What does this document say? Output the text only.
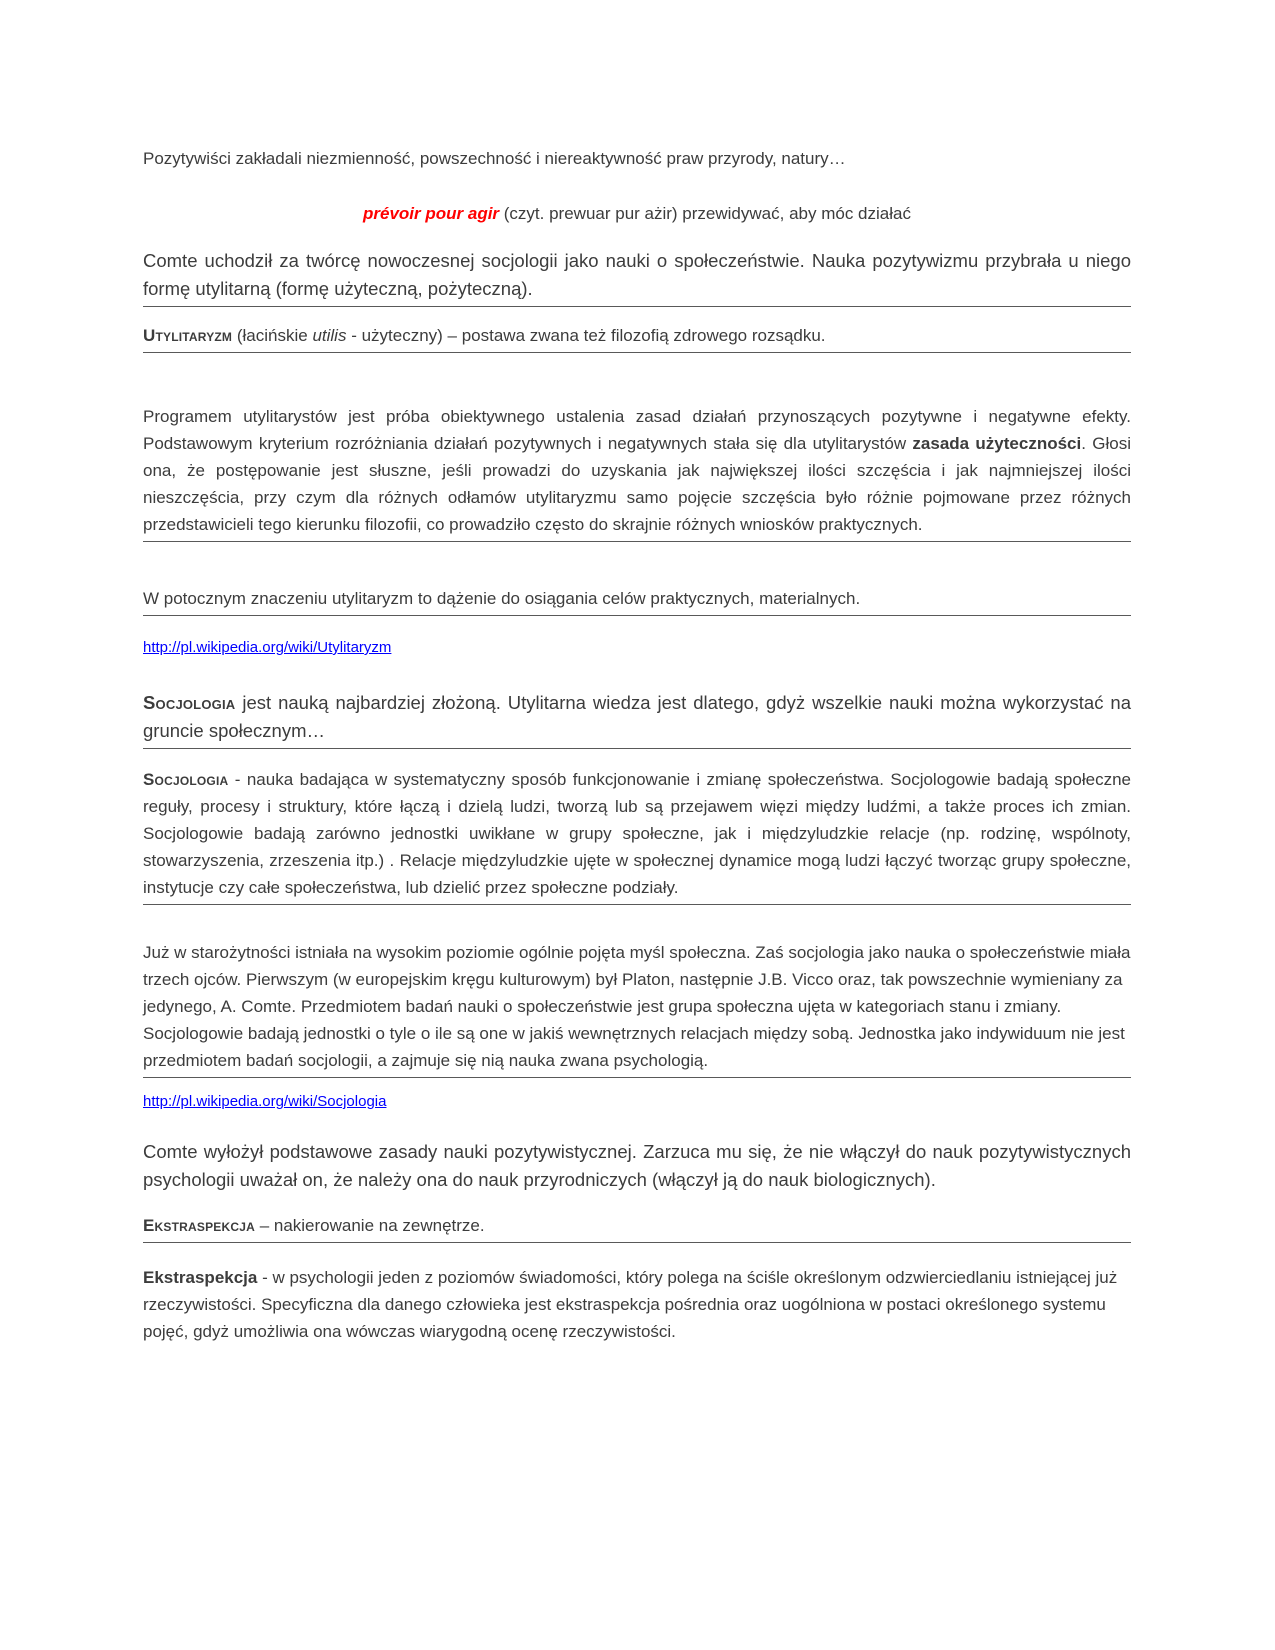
Pozytywiści zakładali niezmienność, powszechność i niereaktywność praw przyrody, natury…

prévoir pour agir (czyt. prewuar pur ażir) przewidywać, aby móc działać

Comte uchodził za twórcę nowoczesnej socjologii jako nauki o społeczeństwie. Nauka pozytywizmu przybrała u niego formę utylitarną (formę użyteczną, pożyteczną).

Utylitaryzm (łacińskie utilis - użyteczny) – postawa zwana też filozofią zdrowego rozsądku.

Programem utylitarystów jest próba obiektywnego ustalenia zasad działań przynoszących pozytywne i negatywne efekty. Podstawowym kryterium rozróżniania działań pozytywnych i negatywnych stała się dla utylitarystów zasada użyteczności. Głosi ona, że postępowanie jest słuszne, jeśli prowadzi do uzyskania jak największej ilości szczęścia i jak najmniejszej ilości nieszczęścia, przy czym dla różnych odłamów utylitaryzmu samo pojęcie szczęścia było różnie pojmowane przez różnych przedstawicieli tego kierunku filozofii, co prowadziło często do skrajnie różnych wniosków praktycznych.

W potocznym znaczeniu utylitaryzm to dążenie do osiągania celów praktycznych, materialnych.

http://pl.wikipedia.org/wiki/Utylitaryzm

Socjologia jest nauką najbardziej złożoną. Utylitarna wiedza jest dlatego, gdyż wszelkie nauki można wykorzystać na gruncie społecznym…

Socjologia - nauka badająca w systematyczny sposób funkcjonowanie i zmianę społeczeństwa. Socjologowie badają społeczne reguły, procesy i struktury, które łączą i dzielą ludzi, tworzą lub są przejawem więzi między ludźmi, a także proces ich zmian. Socjologowie badają zarówno jednostki uwikłane w grupy społeczne, jak i międzyludzkie relacje (np. rodzinę, wspólnoty, stowarzyszenia, zrzeszenia itp.) . Relacje międzyludzkie ujęte w społecznej dynamice mogą ludzi łączyć tworząc grupy społeczne, instytucje czy całe społeczeństwa, lub dzielić przez społeczne podziały.

Już w starożytności istniała na wysokim poziomie ogólnie pojęta myśl społeczna. Zaś socjologia jako nauka o społeczeństwie miała trzech ojców. Pierwszym (w europejskim kręgu kulturowym) był Platon, następnie J.B. Vicco oraz, tak powszechnie wymieniany za jedynego, A. Comte. Przedmiotem badań nauki o społeczeństwie jest grupa społeczna ujęta w kategoriach stanu i zmiany. Socjologowie badają jednostki o tyle o ile są one w jakiś wewnętrznych relacjach między sobą. Jednostka jako indywiduum nie jest przedmiotem badań socjologii, a zajmuje się nią nauka zwana psychologią.

http://pl.wikipedia.org/wiki/Socjologia

Comte wyłożył podstawowe zasady nauki pozytywistycznej. Zarzuca mu się, że nie włączył do nauk pozytywistycznych psychologii uważał on, że należy ona do nauk przyrodniczych (włączył ją do nauk biologicznych).

Ekstraspekcja – nakierowanie na zewnętrze.

Ekstraspekcja - w psychologii jeden z poziomów świadomości, który polega na ściśle określonym odzwierciedlaniu istniejącej już rzeczywistości. Specyficzna dla danego człowieka jest ekstraspekcja pośrednia oraz uogólniona w postaci określonego systemu pojęć, gdyż umożliwia ona wówczas wiarygodną ocenę rzeczywistości.
